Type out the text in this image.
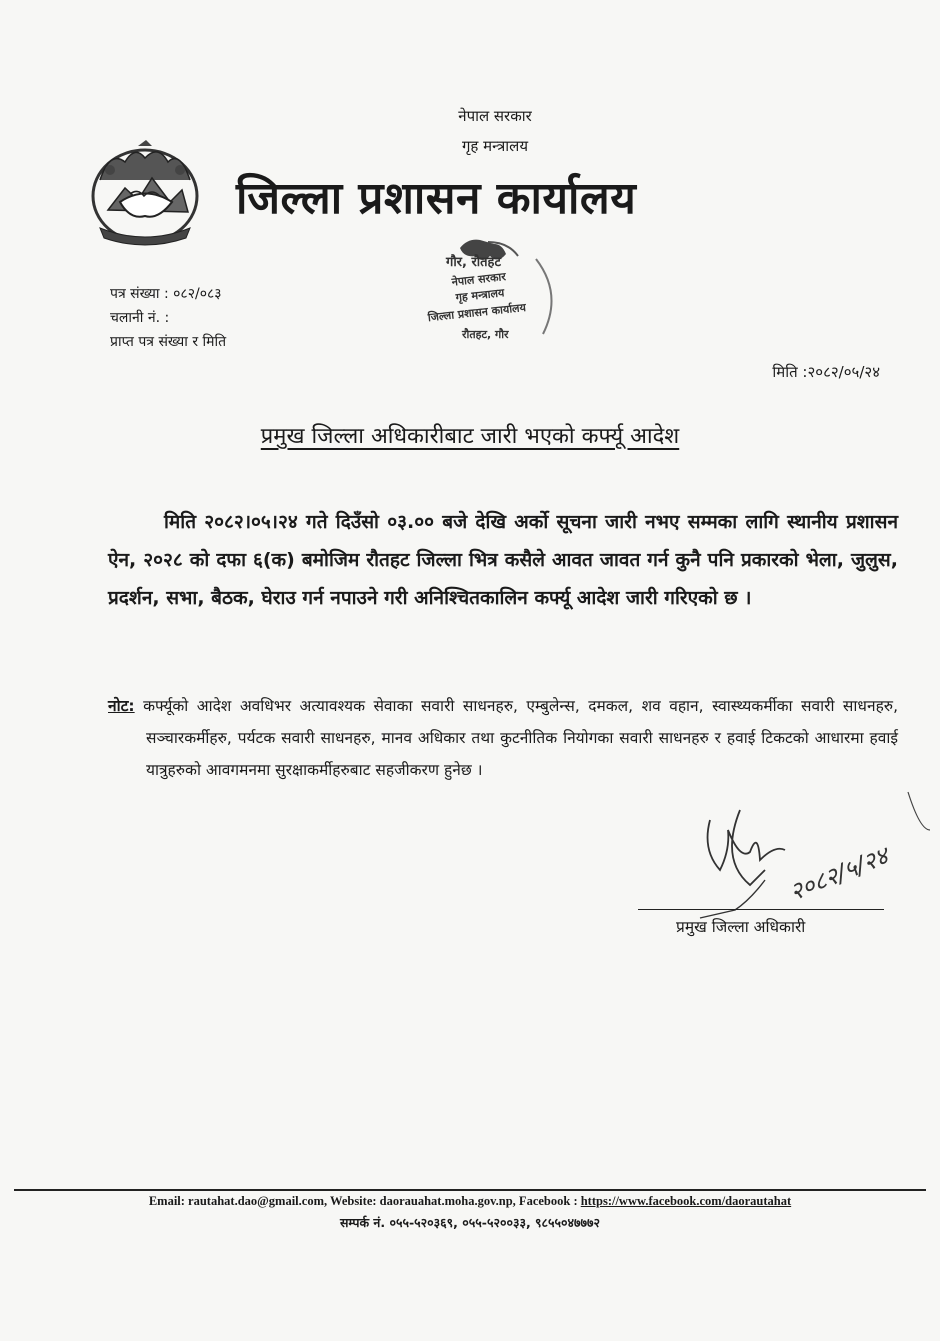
नेपाल सरकार
गृह मन्त्रालय
जिल्ला प्रशासन कार्यालय
गौर, रौतहट
नेपाल सरकार
गृह मन्त्रालय
जिल्ला प्रशासन कार्यालय
रौतहट, गौर
पत्र संख्या : ०८२/०८३
चलानी नं. :
प्राप्त पत्र संख्या र मिति
मिति :२०८२/०५/२४
प्रमुख जिल्ला अधिकारीबाट जारी भएको कर्फ्यू आदेश
मिति २०८२।०५।२४ गते दिउँसो ०३.०० बजे देखि अर्को सूचना जारी नभए सम्मका लागि स्थानीय प्रशासन ऐन, २०२८ को दफा ६(क) बमोजिम रौतहट जिल्ला भित्र कसैले आवत जावत गर्न कुनै पनि प्रकारको भेला, जुलुस, प्रदर्शन, सभा, बैठक, घेराउ गर्न नपाउने गरी अनिश्चितकालिन कर्फ्यू आदेश जारी गरिएको छ ।
नोट: कर्फ्यूको आदेश अवधिभर अत्यावश्यक सेवाका सवारी साधनहरु, एम्बुलेन्स, दमकल, शव वहान, स्वास्थ्यकर्मीका सवारी साधनहरु, सञ्चारकर्मीहरु, पर्यटक सवारी साधनहरु, मानव अधिकार तथा कुटनीतिक नियोगका सवारी साधनहरु र हवाई टिकटको आधारमा हवाई यात्रुहरुको आवगमनमा सुरक्षाकर्मीहरुबाट सहजीकरण हुनेछ ।
२०८२/५/२४
प्रमुख जिल्ला अधिकारी
Email: rautahat.dao@gmail.com, Website: daorauahat.moha.gov.np, Facebook : https://www.facebook.com/daorautahat
सम्पर्क नं. ०५५-५२०३६९, ०५५-५२००३३, ९८५५०४७७७२
